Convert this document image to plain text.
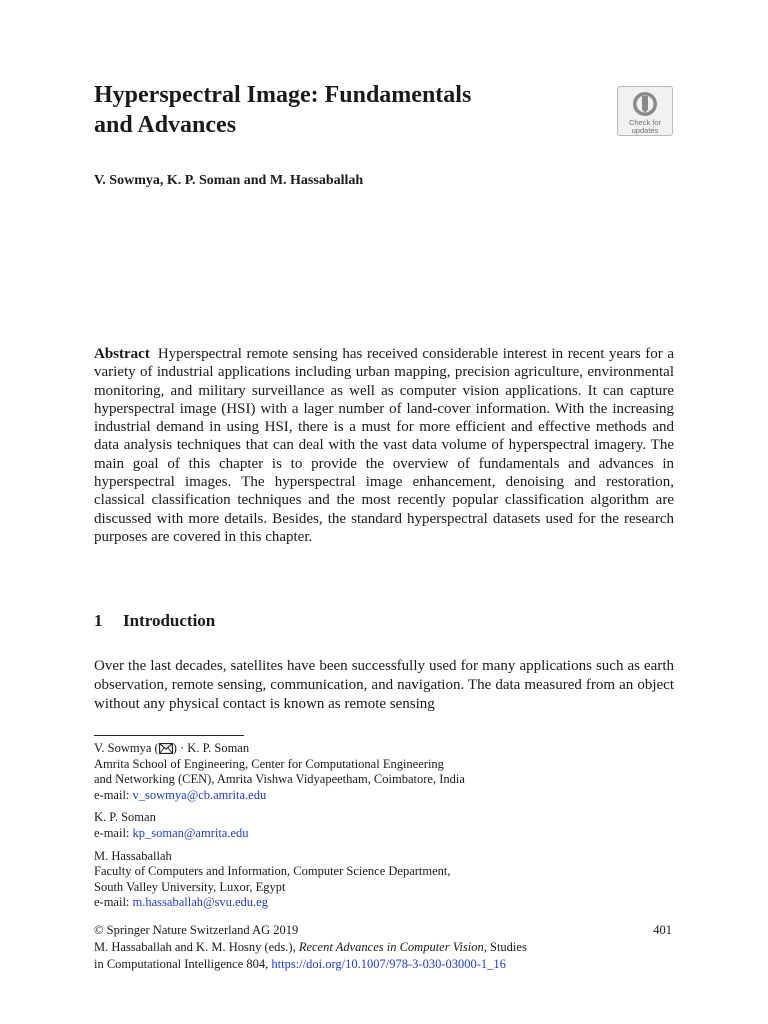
Hyperspectral Image: Fundamentals
and Advances	Check for
updates
V. Sowmya, K. P. Soman and M. Hassaballah

Abstract Hyperspectral remote sensing has received considerable interest in recent years for a variety of industrial applications including urban mapping, precision agriculture, environmental monitoring, and military surveillance as well as computer vision applications. It can capture hyperspectral image (HSI) with a lager number of land-cover information. With the increasing industrial demand in using HSI, there is a must for more efficient and effective methods and data analysis techniques that can deal with the vast data volume of hyperspectral imagery. The main goal of this chapter is to provide the overview of fundamentals and advances in hyperspectral images. The hyperspectral image enhancement, denoising and restoration, classical classification techniques and the most recently popular classification algorithm are discussed with more details. Besides, the standard hyperspectral datasets used for the research purposes are covered in this chapter.

1 Introduction

Over the last decades, satellites have been successfully used for many applications such as earth observation, remote sensing, communication, and navigation. The data measured from an object without any physical contact is known as remote sensing

V. Sowmya ( ) · K. P. Soman
Amrita School of Engineering, Center for Computational Engineering
and Networking (CEN), Amrita Vishwa Vidyapeetham, Coimbatore, India
e-mail: v_sowmya@cb.amrita.edu
K. P. Soman
e-mail: kp_soman@amrita.edu
M. Hassaballah
Faculty of Computers and Information, Computer Science Department,
South Valley University, Luxor, Egypt
e-mail: m.hassaballah@svu.edu.eg
© Springer Nature Switzerland AG 2019	401
M. Hassaballah and K. M. Hosny (eds.), Recent Advances in Computer Vision, Studies
in Computational Intelligence 804, https://doi.org/10.1007/978-3-030-03000-1_16
